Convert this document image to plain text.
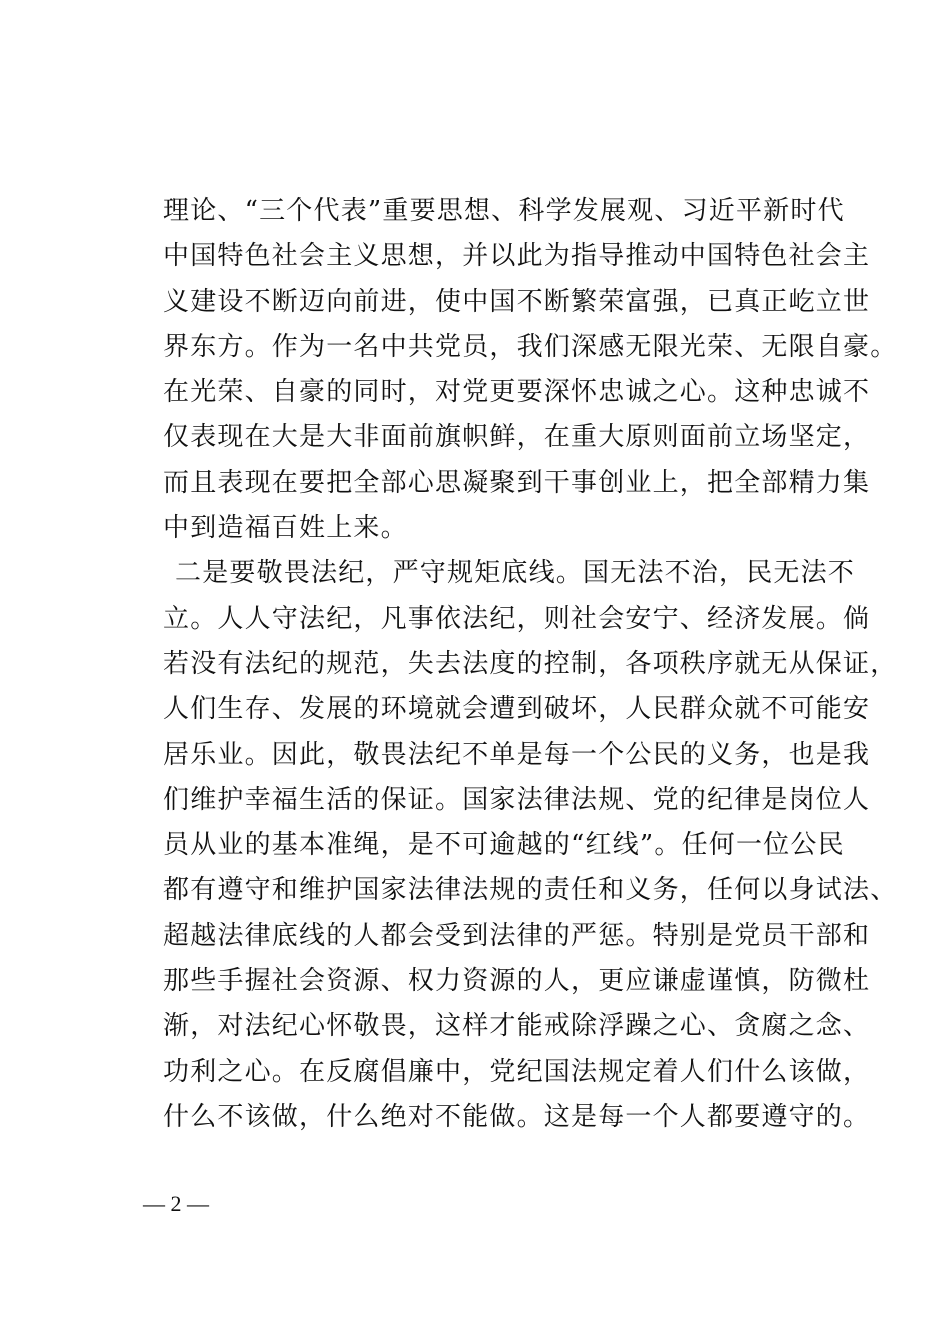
理论、“三个代表”重要思想、科学发展观、习近平新时代
中国特色社会主义思想，并以此为指导推动中国特色社会主
义建设不断迈向前进，使中国不断繁荣富强，已真正屹立世
界东方。作为一名中共党员，我们深感无限光荣、无限自豪。
在光荣、自豪的同时，对党更要深怀忠诚之心。这种忠诚不
仅表现在大是大非面前旗帜鲜，在重大原则面前立场坚定，
而且表现在要把全部心思凝聚到干事创业上，把全部精力集
中到造福百姓上来。
二是要敬畏法纪，严守规矩底线。国无法不治，民无法不
立。人人守法纪，凡事依法纪，则社会安宁、经济发展。倘
若没有法纪的规范，失去法度的控制，各项秩序就无从保证，
人们生存、发展的环境就会遭到破坏，人民群众就不可能安
居乐业。因此，敬畏法纪不单是每一个公民的义务，也是我
们维护幸福生活的保证。国家法律法规、党的纪律是岗位人
员从业的基本准绳，是不可逾越的“红线”。任何一位公民
都有遵守和维护国家法律法规的责任和义务，任何以身试法、
超越法律底线的人都会受到法律的严惩。特别是党员干部和
那些手握社会资源、权力资源的人，更应谦虚谨慎，防微杜
渐，对法纪心怀敬畏，这样才能戒除浮躁之心、贪腐之念、
功利之心。在反腐倡廉中，党纪国法规定着人们什么该做，
什么不该做，什么绝对不能做。这是每一个人都要遵守的。
— 2 —
